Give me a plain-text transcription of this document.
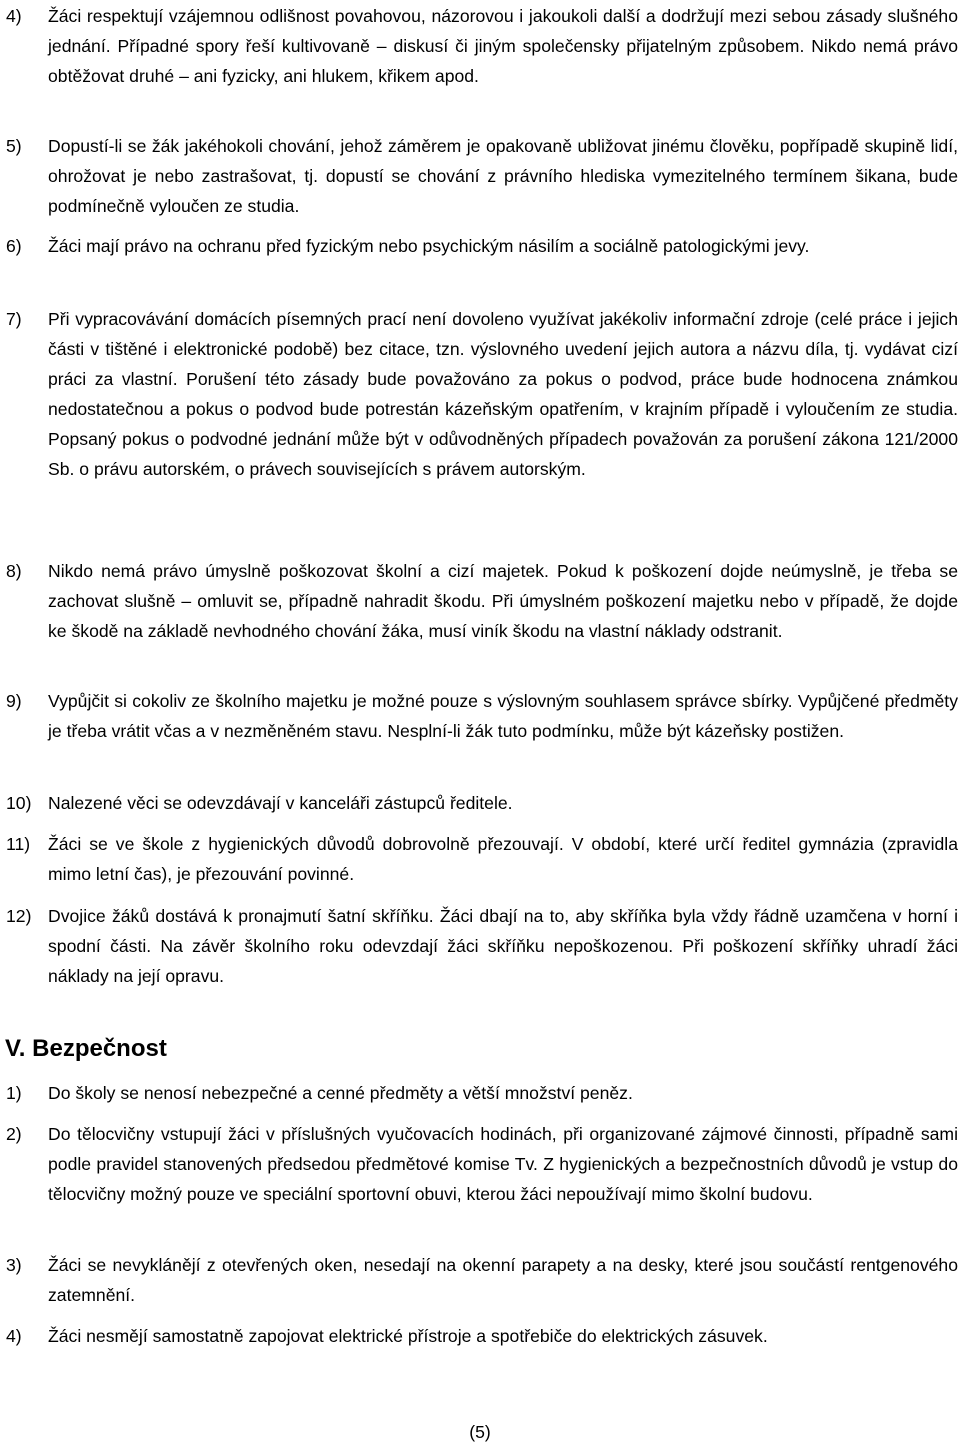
4)	Žáci respektují vzájemnou odlišnost povahovou, názorovou i jakoukoli další a dodržují mezi sebou zásady slušného jednání. Případné spory řeší kultivovaně – diskusí či jiným společensky přijatelným způsobem. Nikdo nemá právo obtěžovat druhé – ani fyzicky, ani hlukem, křikem apod.
5)	Dopustí-li se žák jakéhokoli chování, jehož záměrem je opakovaně ubližovat jinému člověku, popřípadě skupině lidí, ohrožovat je nebo zastrašovat, tj. dopustí se chování z právního hlediska vymezitelného termínem šikana, bude podmínečně vyloučen ze studia.
6)	Žáci mají právo na ochranu před fyzickým nebo psychickým násilím a sociálně patologickými jevy.
7)	Při vypracovávání domácích písemných prací není dovoleno využívat jakékoliv informační zdroje (celé práce i jejich části v tištěné i elektronické podobě) bez citace, tzn. výslovného uvedení jejich autora a názvu díla, tj. vydávat cizí práci za vlastní. Porušení této zásady bude považováno za pokus o podvod, práce bude hodnocena známkou nedostatečnou a pokus o podvod bude potrestán kázeňským opatřením, v krajním případě i vyloučením ze studia. Popsaný pokus o podvodné jednání může být v odůvodněných případech považován za porušení zákona 121/2000 Sb. o právu autorském, o právech souvisejících s právem autorským.
8)	Nikdo nemá právo úmyslně poškozovat školní a cizí majetek. Pokud k poškození dojde neúmyslně, je třeba se zachovat slušně – omluvit se, případně nahradit škodu. Při úmyslném poškození majetku nebo v případě, že dojde ke škodě na základě nevhodného chování žáka, musí viník škodu na vlastní náklady odstranit.
9)	Vypůjčit si cokoliv ze školního majetku je možné pouze s výslovným souhlasem správce sbírky. Vypůjčené předměty je třeba vrátit včas a v nezměněném stavu. Nesplní-li žák tuto podmínku, může být kázeňsky postižen.
10) Nalezené věci se odevzdávají v kanceláři zástupců ředitele.
11)	Žáci se ve škole z hygienických důvodů dobrovolně přezouvají. V období, které určí ředitel gymnázia (zpravidla mimo letní čas), je přezouvání povinné.
12) Dvojice žáků dostává k pronajmutí šatní skříňku. Žáci dbají na to, aby skříňka byla vždy řádně uzamčena v horní i spodní části. Na závěr školního roku odevzdají žáci skříňku nepoškozenou. Při poškození skříňky uhradí žáci náklady na její opravu.
V. Bezpečnost
1)	Do školy se nenosí nebezpečné a cenné předměty a větší množství peněz.
2)	Do tělocvičny vstupují žáci v příslušných vyučovacích hodinách, při organizované zájmové činnosti, případně sami podle pravidel stanovených předsedou předmětové komise Tv. Z hygienických a bezpečnostních důvodů je vstup do tělocvičny možný pouze ve speciální sportovní obuvi, kterou žáci nepoužívají mimo školní budovu.
3)	Žáci se nevyklánějí z otevřených oken, nesedají na okenní parapety a na desky, které jsou součástí rentgenového zatemnění.
4)	Žáci nesmějí samostatně zapojovat elektrické přístroje a spotřebiče do elektrických zásuvek.
(5)
